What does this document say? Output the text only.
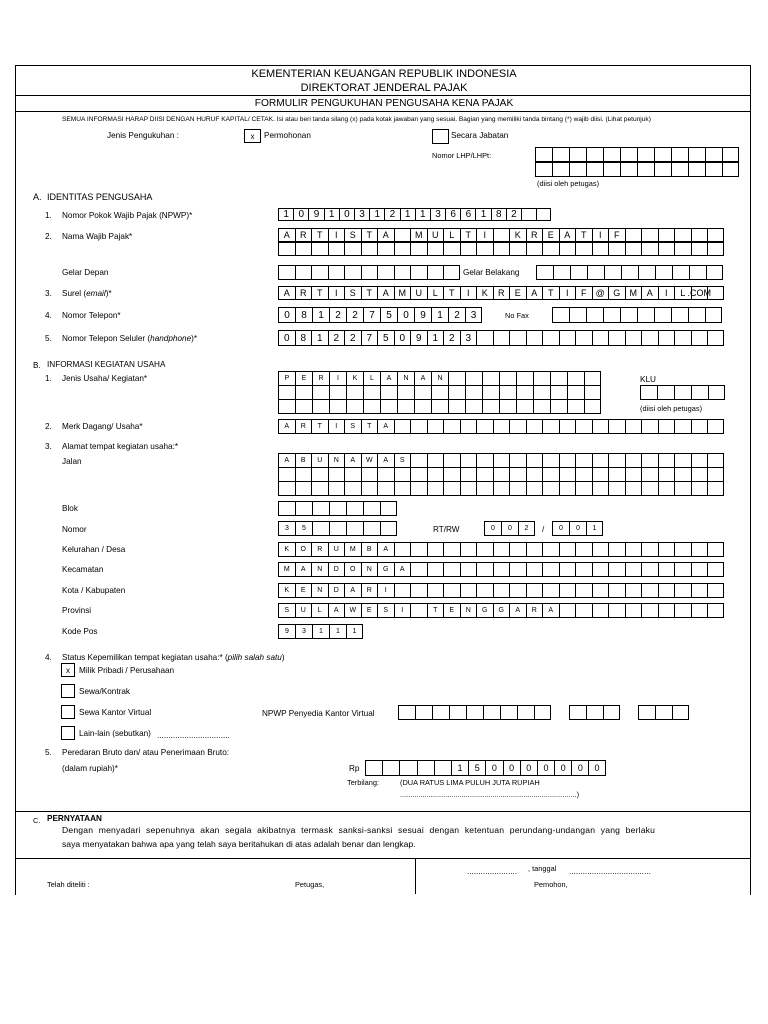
KEMENTERIAN KEUANGAN REPUBLIK INDONESIA
DIREKTORAT JENDERAL PAJAK
FORMULIR PENGUKUHAN PENGUSAHA KENA PAJAK
SEMUA INFORMASI HARAP DIISI DENGAN HURUF KAPITAL/ CETAK. Isi atau beri tanda silang (x) pada kotak jawaban yang sesuai. Bagian yang memiliki tanda bintang (*) wajib diisi. (Lihat petunjuk)
Jenis Pengukuhan :	x	Permohonan	Secara Jabatan
Nomor LHP/LHPt:
(diisi oleh petugas)
A. IDENTITAS PENGUSAHA
1. Nomor Pokok Wajib Pajak (NPWP)*	1 0 9 1 0 3 1 2 1 1 3 6 6 1 8 2
2. Nama Wajib Pajak*	A	R	T	I	S	T	A	M	U	L	T	I	K	R	E	A	T	I	F
Gelar Depan	Gelar Belakang
3. Surel (email)*	A	R	T	I	S	T	A	M	U	L	T	I	K	R	E	A	T	I	F	@ G	M	A	I	L .COM
4. Nomor Telepon*	0	8	1	2	2	7	5	0	9	1	2	3	No Fax
5. Nomor Telepon Seluler (handphone)*	0	8	1	2	2	7	5	0	9	1	2	3
B. INFORMASI KEGIATAN USAHA
1. Jenis Usaha/ Kegiatan*	P	E	R	I	K	L	A	N	A	N	KLU
(diisi oleh petugas)
2. Merk Dagang/ Usaha*	A	R	T	I	S	T	A
3. Alamat tempat kegiatan usaha:*
Jalan	A	B	U	N	A	W	A	S
Blok
Nomor	3	5	RT/RW	0	0	2	/	0	0	1
Kelurahan / Desa	K	O	R	U	M	B	A
Kecamatan	M	A	N	D	O	N	G	A
Kota / Kabupaten	K	E	N	D	A	R	I
Provinsi	S	U	L	A	W	E	S	I	T	E	N	G	G	A	R	A
Kode Pos	9	3	1	1	1
4. Status Kepemilikan tempat kegiatan usaha:* (pilih salah satu)
x	Milik Pribadi / Perusahaan
Sewa/Kontrak
Sewa Kantor Virtual	NPWP Penyedia Kantor Virtual
Lain-lain (sebutkan) ................................
5. Peredaran Bruto dan/ atau Penerimaan Bruto:
(dalam rupiah)*	Rp	1	5	0	0	0	0	0	0	0
Terbilang:	(DUA RATUS LIMA PULUH JUTA RUPIAH
......................................................................................)
C. PERNYATAAN
Dengan menyadari sepenuhnya akan segala akibatnya termask sanksi-sanksi sesuai dengan ketentuan perundang-undangan yang berlaku
saya menyatakan bahwa apa yang telah saya beritahukan di atas adalah benar dan lengkap.
...................... , tanggal ....................................
Telah diteliti :	Petugas,	Pemohon,
